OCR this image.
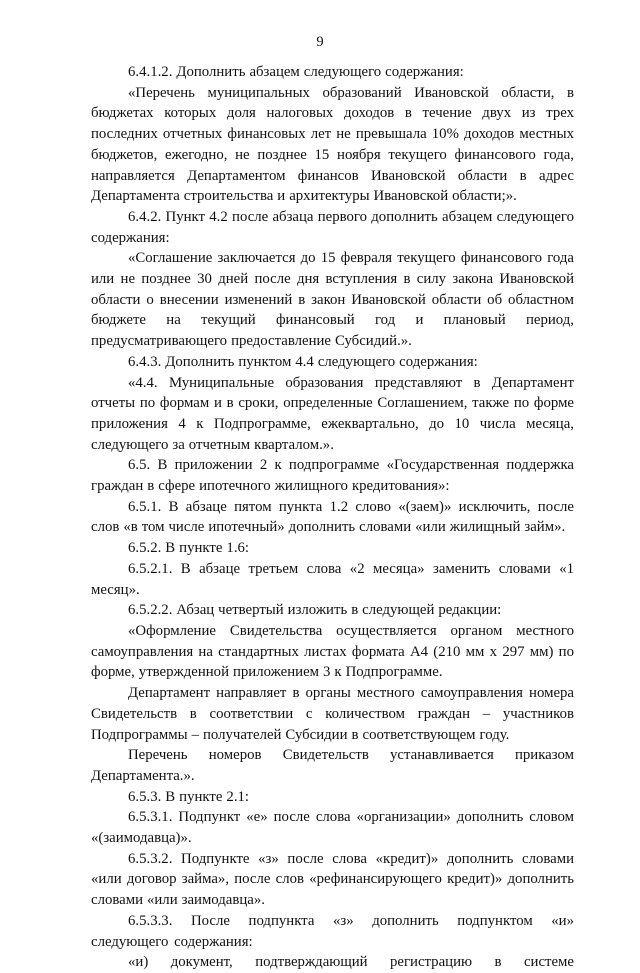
9

6.4.1.2. Дополнить абзацем следующего содержания:

«Перечень муниципальных образований Ивановской области, в бюджетах которых доля налоговых доходов в течение двух из трех последних отчетных финансовых лет не превышала 10% доходов местных бюджетов, ежегодно, не позднее 15 ноября текущего финансового года, направляется Департаментом финансов Ивановской области в адрес Департамента строительства и архитектуры Ивановской области;».

6.4.2. Пункт 4.2 после абзаца первого дополнить абзацем следующего содержания:

«Соглашение заключается до 15 февраля текущего финансового года или не позднее 30 дней после дня вступления в силу закона Ивановской области о внесении изменений в закон Ивановской области об областном бюджете на текущий финансовый год и плановый период, предусматривающего предоставление Субсидий.».

6.4.3. Дополнить пунктом 4.4 следующего содержания:

«4.4. Муниципальные образования представляют в Департамент отчеты по формам и в сроки, определенные Соглашением, также по форме приложения 4 к Подпрограмме, ежеквартально, до 10 числа месяца, следующего за отчетным кварталом.».

6.5. В приложении 2 к подпрограмме «Государственная поддержка граждан в сфере ипотечного жилищного кредитования»:

6.5.1. В абзаце пятом пункта 1.2 слово «(заем)» исключить, после слов «в том числе ипотечный» дополнить словами «или жилищный займ».

6.5.2. В пункте 1.6:

6.5.2.1. В абзаце третьем слова «2 месяца» заменить словами «1 месяц».

6.5.2.2. Абзац четвертый изложить в следующей редакции:

«Оформление Свидетельства осуществляется органом местного самоуправления на стандартных листах формата А4 (210 мм x 297 мм) по форме, утвержденной приложением 3 к Подпрограмме.

Департамент направляет в органы местного самоуправления номера Свидетельств в соответствии с количеством граждан – участников Подпрограммы – получателей Субсидии в соответствующем году.

Перечень номеров Свидетельств устанавливается приказом Департамента.».

6.5.3. В пункте 2.1:

6.5.3.1. Подпункт «е» после слова «организации» дополнить словом «(заимодавца)».

6.5.3.2. Подпункте «з» после слова «кредит)» дополнить словами «или договор займа», после слов «рефинансирующего кредит)» дополнить словами «или заимодавца».

6.5.3.3. После подпункта «з» дополнить подпунктом «и» следующего содержания:

«и) документ, подтверждающий регистрацию в системе
